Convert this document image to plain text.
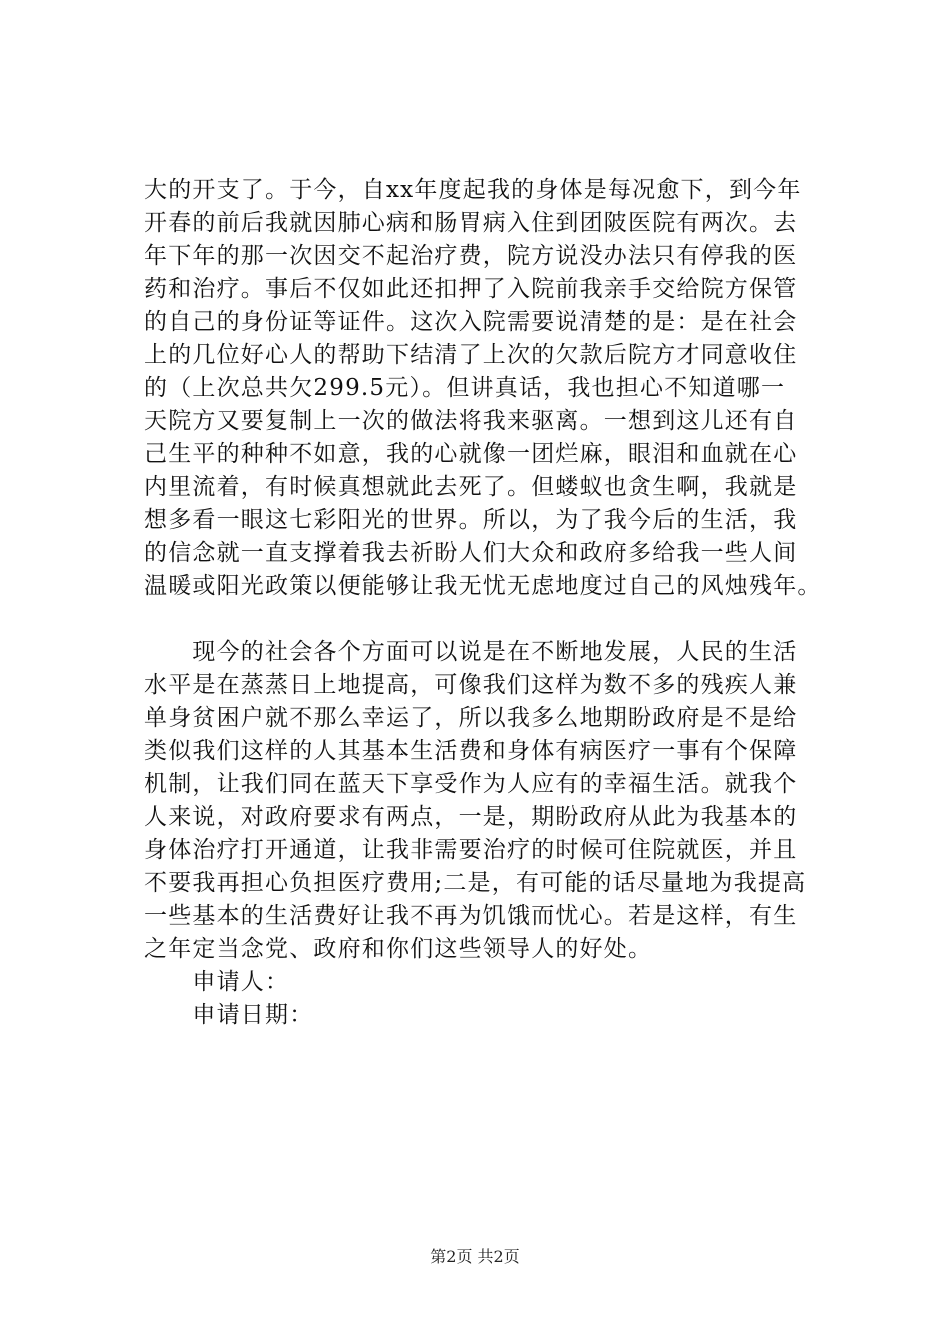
大的开支了。于今，自xx年度起我的身体是每况愈下，到今年
开春的前后我就因肺心病和肠胃病入住到团陂医院有两次。去
年下年的那一次因交不起治疗费，院方说没办法只有停我的医
药和治疗。事后不仅如此还扣押了入院前我亲手交给院方保管
的自己的身份证等证件。这次入院需要说清楚的是：是在社会
上的几位好心人的帮助下结清了上次的欠款后院方才同意收住
的（上次总共欠299.5元）。但讲真话，我也担心不知道哪一
天院方又要复制上一次的做法将我来驱离。一想到这儿还有自
己生平的种种不如意，我的心就像一团烂麻，眼泪和血就在心
内里流着，有时候真想就此去死了。但蝼蚁也贪生啊，我就是
想多看一眼这七彩阳光的世界。所以，为了我今后的生活，我
的信念就一直支撑着我去祈盼人们大众和政府多给我一些人间
温暖或阳光政策以便能够让我无忧无虑地度过自己的风烛残年。

　　现今的社会各个方面可以说是在不断地发展，人民的生活
水平是在蒸蒸日上地提高，可像我们这样为数不多的残疾人兼
单身贫困户就不那么幸运了，所以我多么地期盼政府是不是给
类似我们这样的人其基本生活费和身体有病医疗一事有个保障
机制，让我们同在蓝天下享受作为人应有的幸福生活。就我个
人来说，对政府要求有两点，一是，期盼政府从此为我基本的
身体治疗打开通道，让我非需要治疗的时候可住院就医，并且
不要我再担心负担医疗费用;二是，有可能的话尽量地为我提高
一些基本的生活费好让我不再为饥饿而忧心。若是这样，有生
之年定当念党、政府和你们这些领导人的好处。

　　申请人：

　　申请日期：

第2页 共2页
